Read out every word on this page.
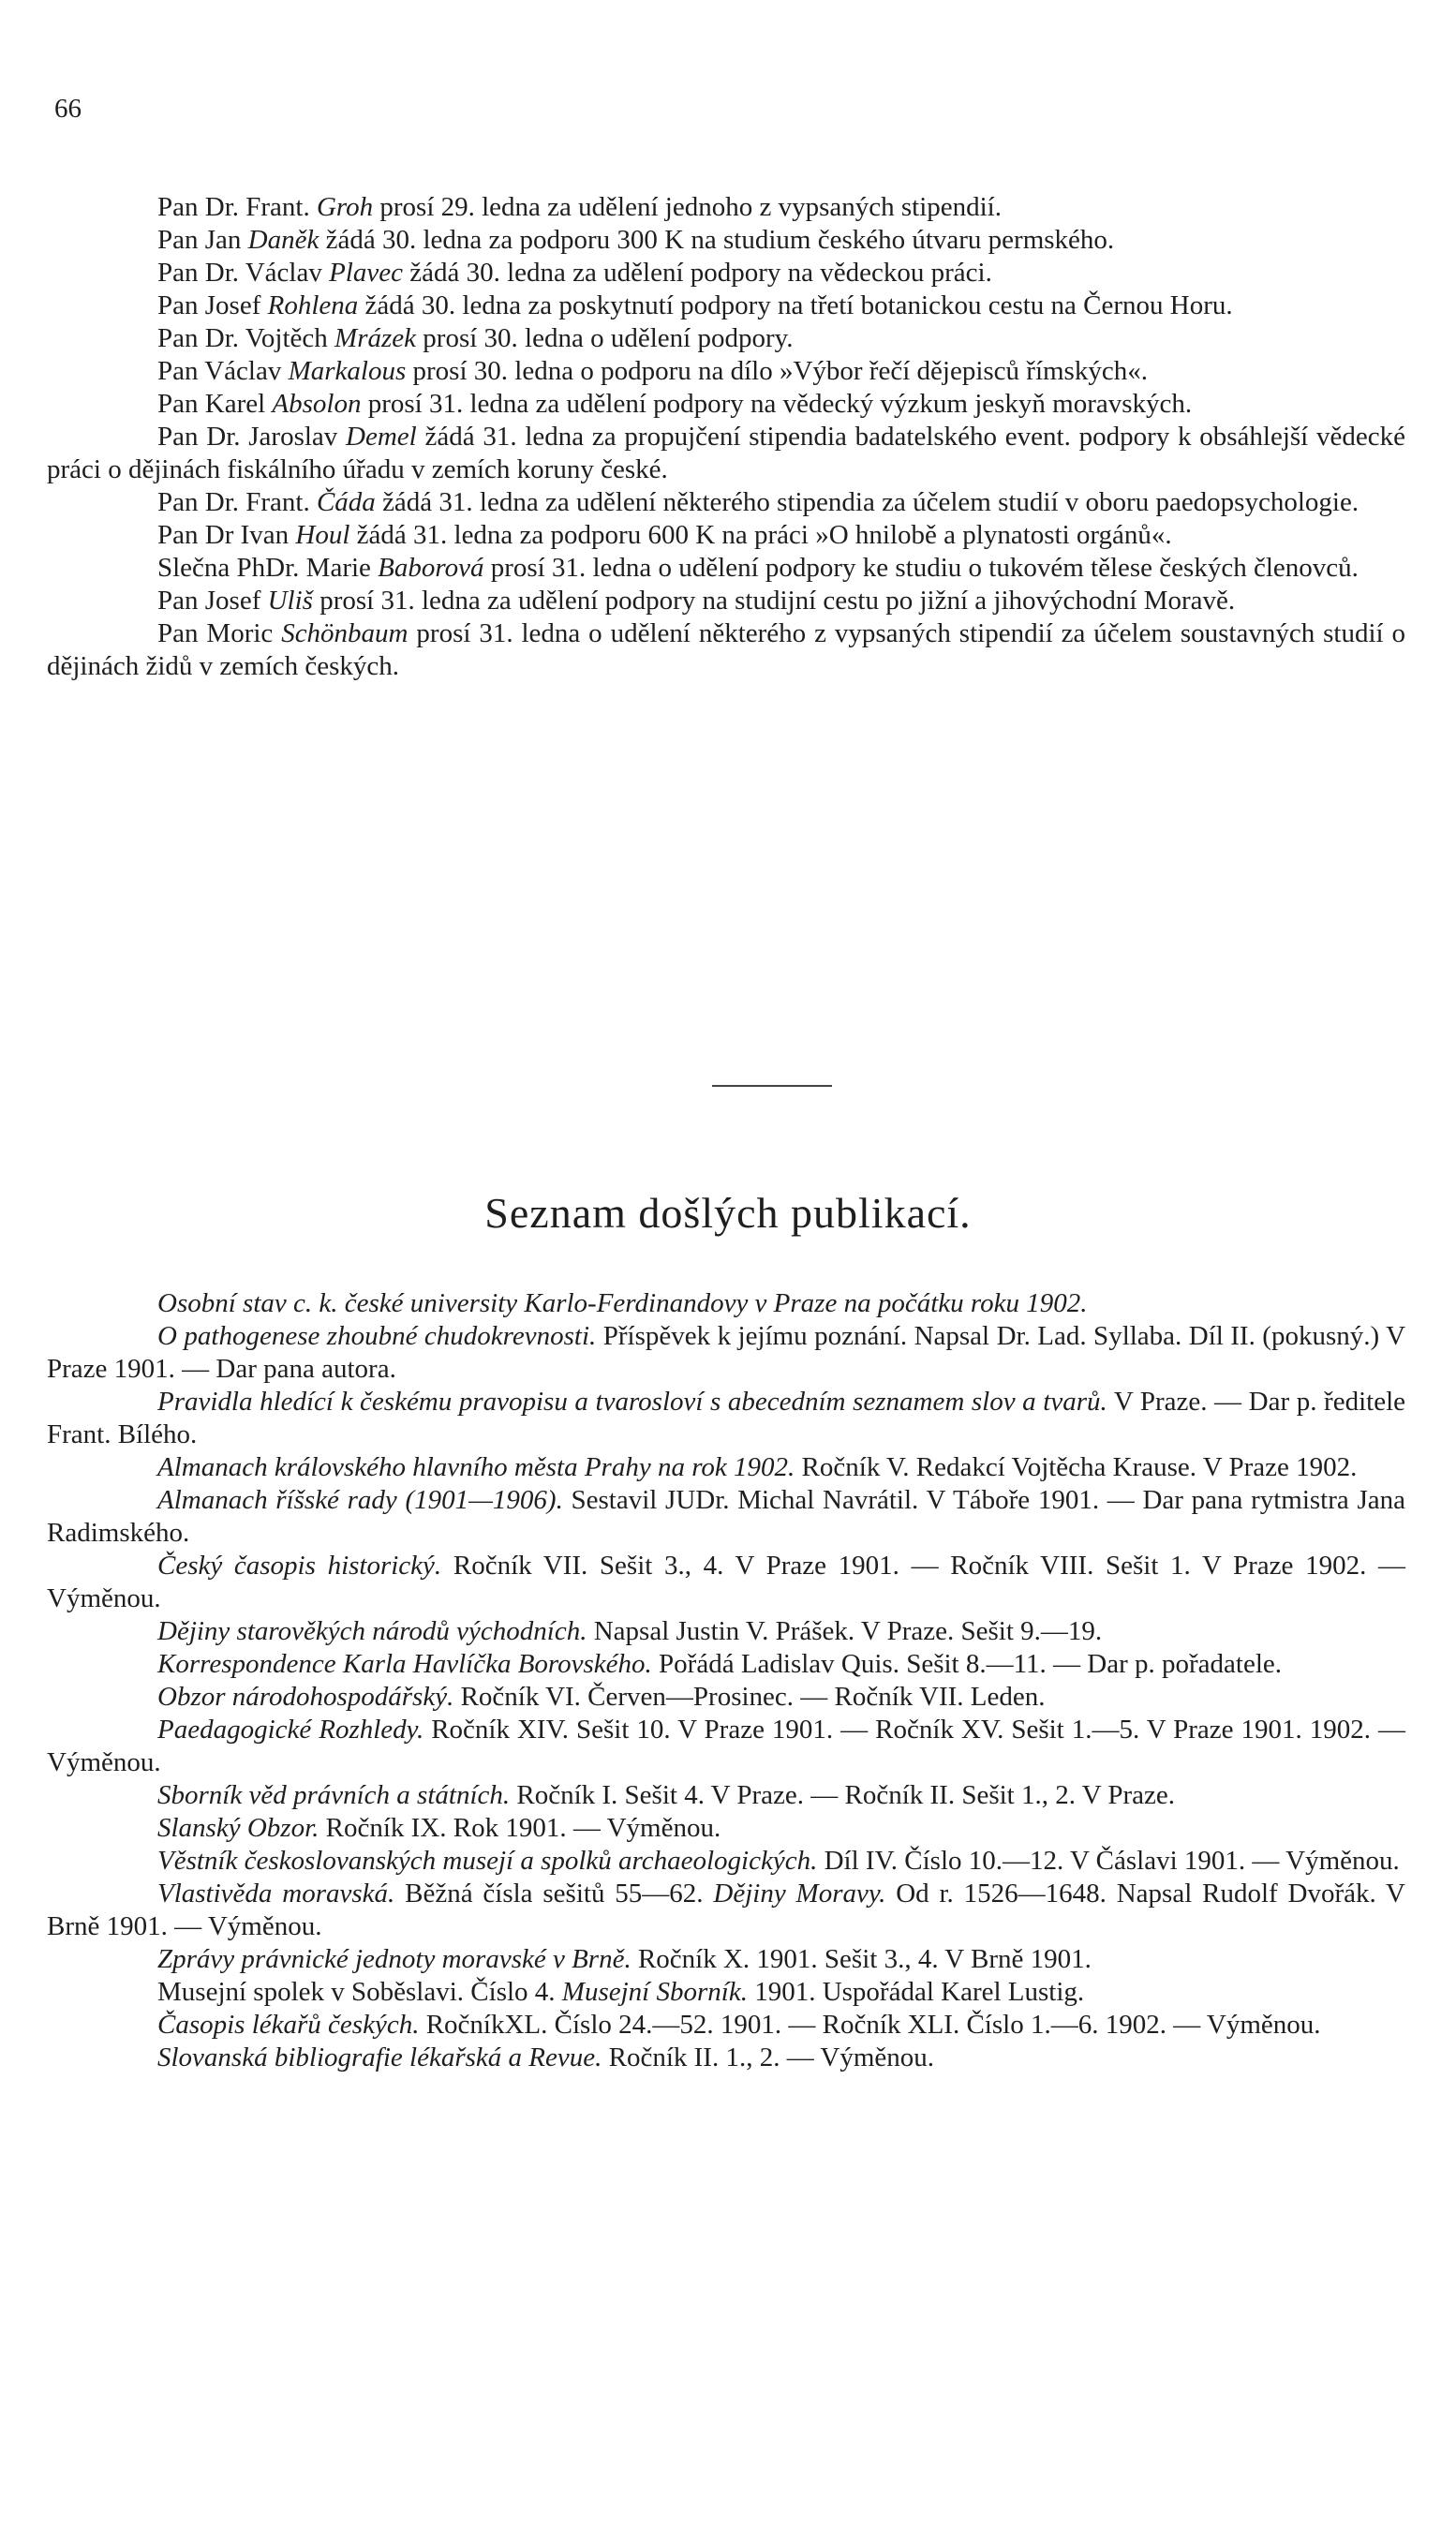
66

Pan Dr. Frant. Groh prosí 29. ledna za udělení jednoho z vypsaných stipendií.

Pan Jan Daněk žádá 30. ledna za podporu 300 K na studium českého útvaru permského.

Pan Dr. Václav Plavec žádá 30. ledna za udělení podpory na vědeckou práci.

Pan Josef Rohlena žádá 30. ledna za poskytnutí podpory na třetí botanickou cestu na Černou Horu.

Pan Dr. Vojtěch Mrázek prosí 30. ledna o udělení podpory.

Pan Václav Markalous prosí 30. ledna o podporu na dílo »Výbor řečí dějepisců římských«.

Pan Karel Absolon prosí 31. ledna za udělení podpory na vědecký výzkum jeskyň moravských.

Pan Dr. Jaroslav Demel žádá 31. ledna za propujčení stipendia badatelského event. podpory k obsáhlejší vědecké práci o dějinách fiskálního úřadu v zemích koruny české.

Pan Dr. Frant. Čáda žádá 31. ledna za udělení některého stipendia za účelem studií v oboru paedopsychologie.

Pan Dr Ivan Houl žádá 31. ledna za podporu 600 K na práci »O hnilobě a plynatosti orgánů«.

Slečna PhDr. Marie Baborová prosí 31. ledna o udělení podpory ke studiu o tukovém tělese českých členovců.

Pan Josef Uliš prosí 31. ledna za udělení podpory na studijní cestu po jižní a jihovýchodní Moravě.

Pan Moric Schönbaum prosí 31. ledna o udělení některého z vypsaných stipendií za účelem soustavných studií o dějinách židů v zemích českých.

Seznam došlých publikací.

Osobní stav c. k. české university Karlo-Ferdinandovy v Praze na počátku roku 1902.

O pathogenese zhoubné chudokrevnosti. Příspěvek k jejímu poznání. Napsal Dr. Lad. Syllaba. Díl II. (pokusný.) V Praze 1901. — Dar pana autora.

Pravidla hledící k českému pravopisu a tvarosloví s abecedním seznamem slov a tvarů. V Praze. — Dar p. ředitele Frant. Bílého.

Almanach královského hlavního města Prahy na rok 1902. Ročník V. Redakcí Vojtěcha Krause. V Praze 1902.

Almanach říšské rady (1901—1906). Sestavil JUDr. Michal Navrátil. V Táboře 1901. — Dar pana rytmistra Jana Radimského.

Český časopis historický. Ročník VII. Sešit 3., 4. V Praze 1901. — Ročník VIII. Sešit 1. V Praze 1902. — Výměnou.

Dějiny starověkých národů východních. Napsal Justin V. Prášek. V Praze. Sešit 9.—19.

Korrespondence Karla Havlíčka Borovského. Pořádá Ladislav Quis. Sešit 8.—11. — Dar p. pořadatele.

Obzor národohospodářský. Ročník VI. Červen—Prosinec. — Ročník VII. Leden.

Paedagogické Rozhledy. Ročník XIV. Sešit 10. V Praze 1901. — Ročník XV. Sešit 1.—5. V Praze 1901. 1902. — Výměnou.

Sborník věd právních a státních. Ročník I. Sešit 4. V Praze. — Ročník II. Sešit 1., 2. V Praze.

Slanský Obzor. Ročník IX. Rok 1901. — Výměnou.

Věstník českoslovanských musejí a spolků archaeologických. Díl IV. Číslo 10.—12. V Čáslavi 1901. — Výměnou.

Vlastivěda moravská. Běžná čísla sešitů 55—62. Dějiny Moravy. Od r. 1526—1648. Napsal Rudolf Dvořák. V Brně 1901. — Výměnou.

Zprávy právnické jednoty moravské v Brně. Ročník X. 1901. Sešit 3., 4. V Brně 1901.

Musejní spolek v Soběslavi. Číslo 4. Musejní Sborník. 1901. Uspořádal Karel Lustig.

Časopis lékařů českých. RočníkXL. Číslo 24.—52. 1901. — Ročník XLI. Číslo 1.—6. 1902. — Výměnou.

Slovanská bibliografie lékařská a Revue. Ročník II. 1., 2. — Výměnou.
